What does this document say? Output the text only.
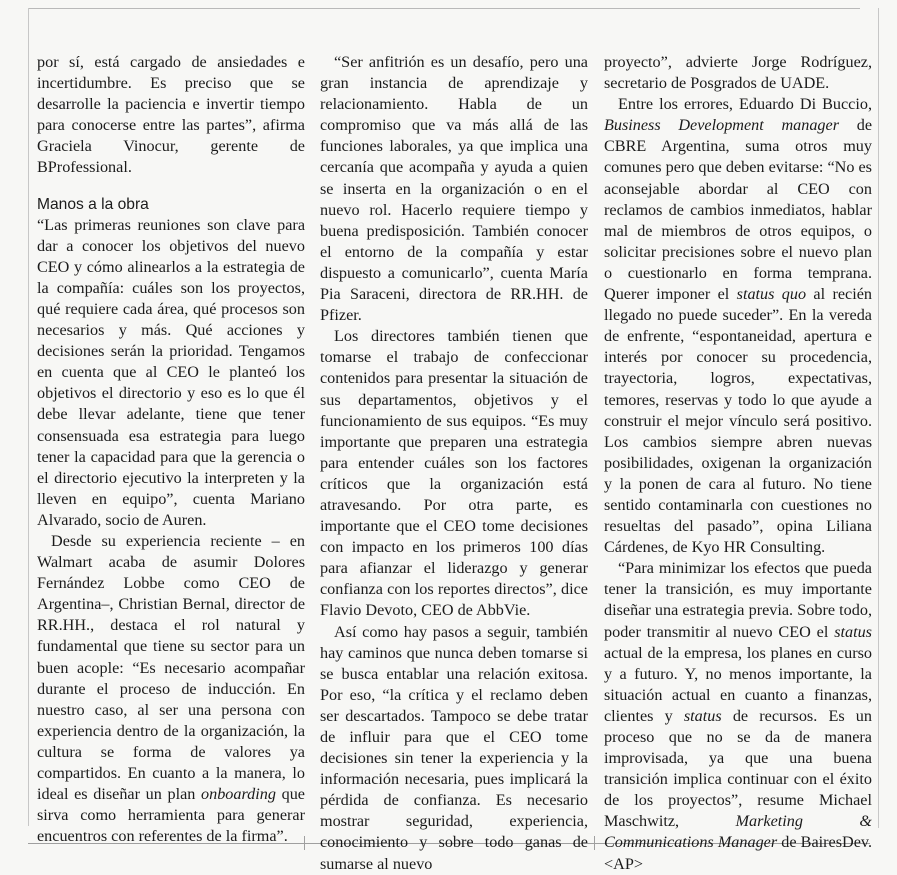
por sí, está cargado de ansiedades e incertidumbre. Es preciso que se desarrolle la paciencia e invertir tiempo para conocerse entre las partes”, afirma Graciela Vinocur, gerente de BProfessional.

Manos a la obra

“Las primeras reuniones son clave para dar a conocer los objetivos del nuevo CEO y cómo alinearlos a la estrategia de la compañía: cuáles son los proyectos, qué requiere cada área, qué procesos son necesarios y más. Qué acciones y decisiones serán la prioridad. Tengamos en cuenta que al CEO le planteó los objetivos el directorio y eso es lo que él debe llevar adelante, tiene que tener consensuada esa estrategia para luego tener la capacidad para que la gerencia o el directorio ejecutivo la interpreten y la lleven en equipo”, cuenta Mariano Alvarado, socio de Auren.

Desde su experiencia reciente – en Walmart acaba de asumir Dolores Fernández Lobbe como CEO de Argentina–, Christian Bernal, director de RR.HH., destaca el rol natural y fundamental que tiene su sector para un buen acople: “Es necesario acompañar durante el proceso de inducción. En nuestro caso, al ser una persona con experiencia dentro de la organización, la cultura se forma de valores ya compartidos. En cuanto a la manera, lo ideal es diseñar un plan onboarding que sirva como herramienta para generar encuentros con referentes de la firma”.

“Ser anfitrión es un desafío, pero una gran instancia de aprendizaje y relacionamiento. Habla de un compromiso que va más allá de las funciones laborales, ya que implica una cercanía que acompaña y ayuda a quien se inserta en la organización o en el nuevo rol. Hacerlo requiere tiempo y buena predisposición. También conocer el entorno de la compañía y estar dispuesto a comunicarlo”, cuenta María Pia Saraceni, directora de RR.HH. de Pfizer.

Los directores también tienen que tomarse el trabajo de confeccionar contenidos para presentar la situación de sus departamentos, objetivos y el funcionamiento de sus equipos. “Es muy importante que preparen una estrategia para entender cuáles son los factores críticos que la organización está atravesando. Por otra parte, es importante que el CEO tome decisiones con impacto en los primeros 100 días para afianzar el liderazgo y generar confianza con los reportes directos”, dice Flavio Devoto, CEO de AbbVie.

Así como hay pasos a seguir, también hay caminos que nunca deben tomarse si se busca entablar una relación exitosa. Por eso, “la crítica y el reclamo deben ser descartados. Tampoco se debe tratar de influir para que el CEO tome decisiones sin tener la experiencia y la información necesaria, pues implicará la pérdida de confianza. Es necesario mostrar seguridad, experiencia, conocimiento y sobre todo ganas de sumarse al nuevo

proyecto”, advierte Jorge Rodríguez, secretario de Posgrados de UADE.

Entre los errores, Eduardo Di Buccio, Business Development manager de CBRE Argentina, suma otros muy comunes pero que deben evitarse: “No es aconsejable abordar al CEO con reclamos de cambios inmediatos, hablar mal de miembros de otros equipos, o solicitar precisiones sobre el nuevo plan o cuestionarlo en forma temprana. Querer imponer el status quo al recién llegado no puede suceder”. En la vereda de enfrente, “espontaneidad, apertura e interés por conocer su procedencia, trayectoria, logros, expectativas, temores, reservas y todo lo que ayude a construir el mejor vínculo será positivo. Los cambios siempre abren nuevas posibilidades, oxigenan la organización y la ponen de cara al futuro. No tiene sentido contaminarla con cuestiones no resueltas del pasado”, opina Liliana Cárdenes, de Kyo HR Consulting.

“Para minimizar los efectos que pueda tener la transición, es muy importante diseñar una estrategia previa. Sobre todo, poder transmitir al nuevo CEO el status actual de la empresa, los planes en curso y a futuro. Y, no menos importante, la situación actual en cuanto a finanzas, clientes y status de recursos. Es un proceso que no se da de manera improvisada, ya que una buena transición implica continuar con el éxito de los proyectos”, resume Michael Maschwitz, Marketing & Communications Manager de BairesDev. <AP>
